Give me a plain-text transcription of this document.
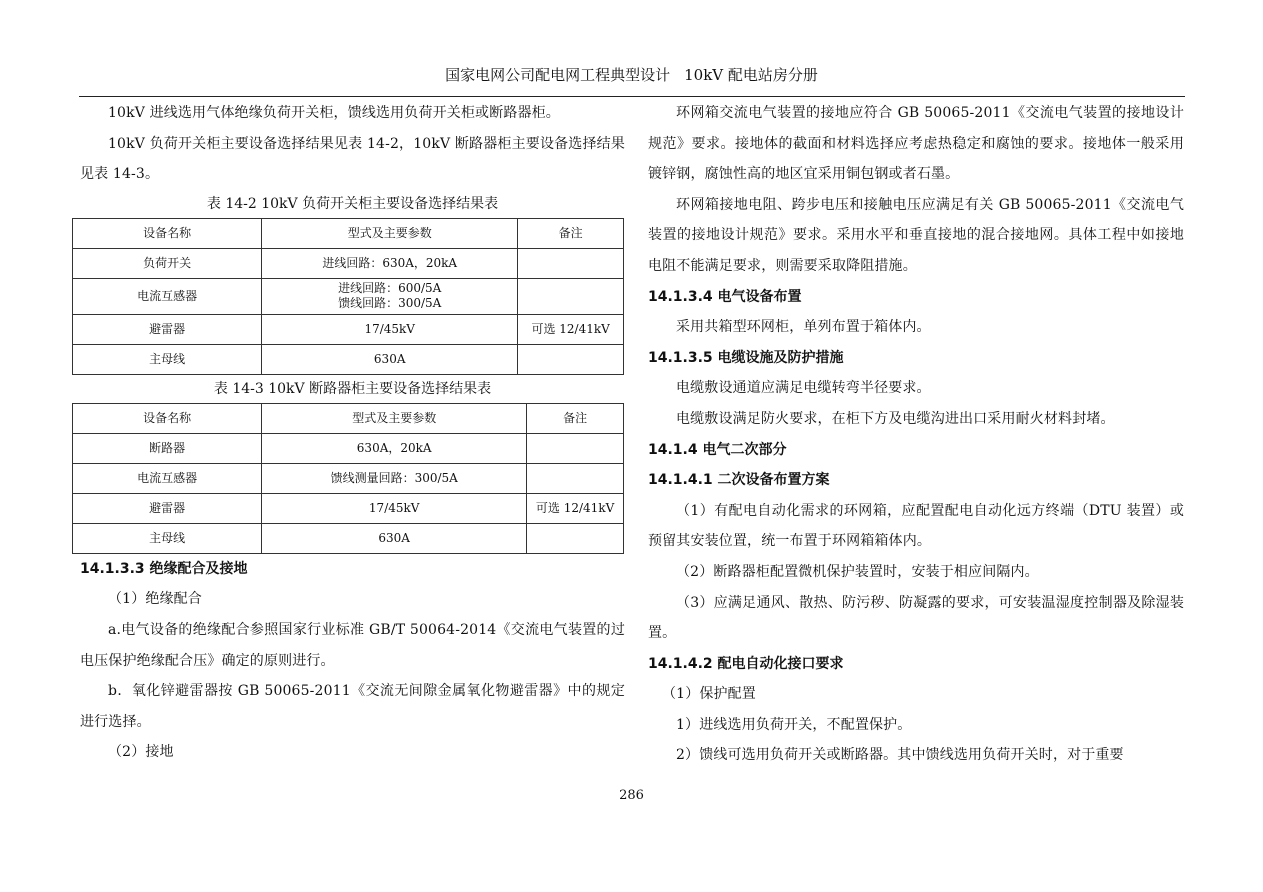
国家电网公司配电网工程典型设计 10kV 配电站房分册

10kV 进线选用气体绝缘负荷开关柜，馈线选用负荷开关柜或断路器柜。

10kV 负荷开关柜主要设备选择结果见表 14-2，10kV 断路器柜主要设备选择结果见表 14-3。

表 14-2 10kV 负荷开关柜主要设备选择结果表

设备名称	型式及主要参数	备注
负荷开关	进线回路：630A，20kA	
电流互感器	进线回路：600/5A
馈线回路：300/5A	

避雷器	17/45kV	可选 12/41kV
主母线	630A	

表 14-3 10kV 断路器柜主要设备选择结果表

设备名称	型式及主要参数	备注
断路器	630A，20kA	
电流互感器	馈线测量回路：300/5A	
避雷器	17/45kV	可选 12/41kV
主母线	630A	

14.1.3.3 绝缘配合及接地

（1）绝缘配合

a.电气设备的绝缘配合参照国家行业标准 GB/T 50064-2014《交流电气装置的过电压保护绝缘配合压》确定的原则进行。

b．氧化锌避雷器按 GB 50065-2011《交流无间隙金属氧化物避雷器》中的规定进行选择。

（2）接地

环网箱交流电气装置的接地应符合 GB 50065-2011《交流电气装置的接地设计规范》要求。接地体的截面和材料选择应考虑热稳定和腐蚀的要求。接地体一般采用镀锌钢，腐蚀性高的地区宜采用铜包钢或者石墨。

环网箱接地电阻、跨步电压和接触电压应满足有关 GB 50065-2011《交流电气装置的接地设计规范》要求。采用水平和垂直接地的混合接地网。具体工程中如接地电阻不能满足要求，则需要采取降阻措施。

14.1.3.4 电气设备布置

采用共箱型环网柜，单列布置于箱体内。

14.1.3.5 电缆设施及防护措施

电缆敷设通道应满足电缆转弯半径要求。

电缆敷设满足防火要求，在柜下方及电缆沟进出口采用耐火材料封堵。

14.1.4 电气二次部分

14.1.4.1 二次设备布置方案

（1）有配电自动化需求的环网箱，应配置配电自动化远方终端（DTU 装置）或预留其安装位置，统一布置于环网箱箱体内。

（2）断路器柜配置微机保护装置时，安装于相应间隔内。

（3）应满足通风、散热、防污秽、防凝露的要求，可安装温湿度控制器及除湿装置。

14.1.4.2 配电自动化接口要求

（1）保护配置

1）进线选用负荷开关，不配置保护。

2）馈线可选用负荷开关或断路器。其中馈线选用负荷开关时，对于重要

286
